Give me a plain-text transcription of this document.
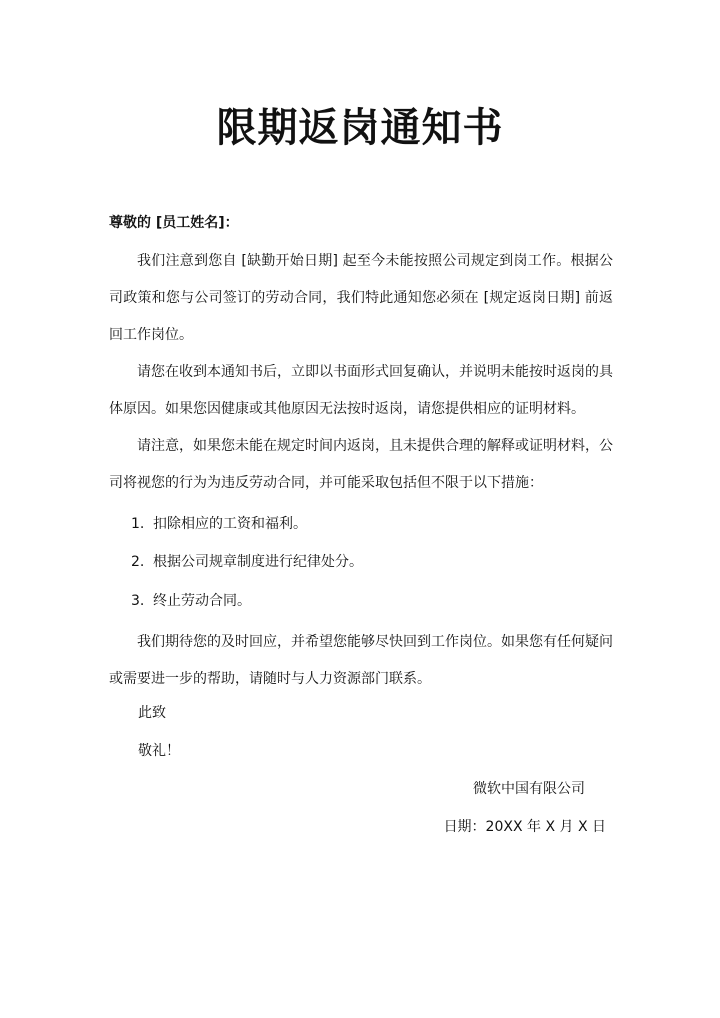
限期返岗通知书
尊敬的 [员工姓名]：

我们注意到您自 [缺勤开始日期] 起至今未能按照公司规定到岗工作。根据公司政策和您与公司签订的劳动合同，我们特此通知您必须在 [规定返岗日期] 前返回工作岗位。

请您在收到本通知书后，立即以书面形式回复确认，并说明未能按时返岗的具体原因。如果您因健康或其他原因无法按时返岗，请您提供相应的证明材料。

请注意，如果您未能在规定时间内返岗，且未提供合理的解释或证明材料，公司将视您的行为为违反劳动合同，并可能采取包括但不限于以下措施：

1. 扣除相应的工资和福利。
2. 根据公司规章制度进行纪律处分。
3. 终止劳动合同。

我们期待您的及时回应，并希望您能够尽快回到工作岗位。如果您有任何疑问或需要进一步的帮助，请随时与人力资源部门联系。

此致
敬礼！
微软中国有限公司
日期：20XX 年 X 月 X 日
